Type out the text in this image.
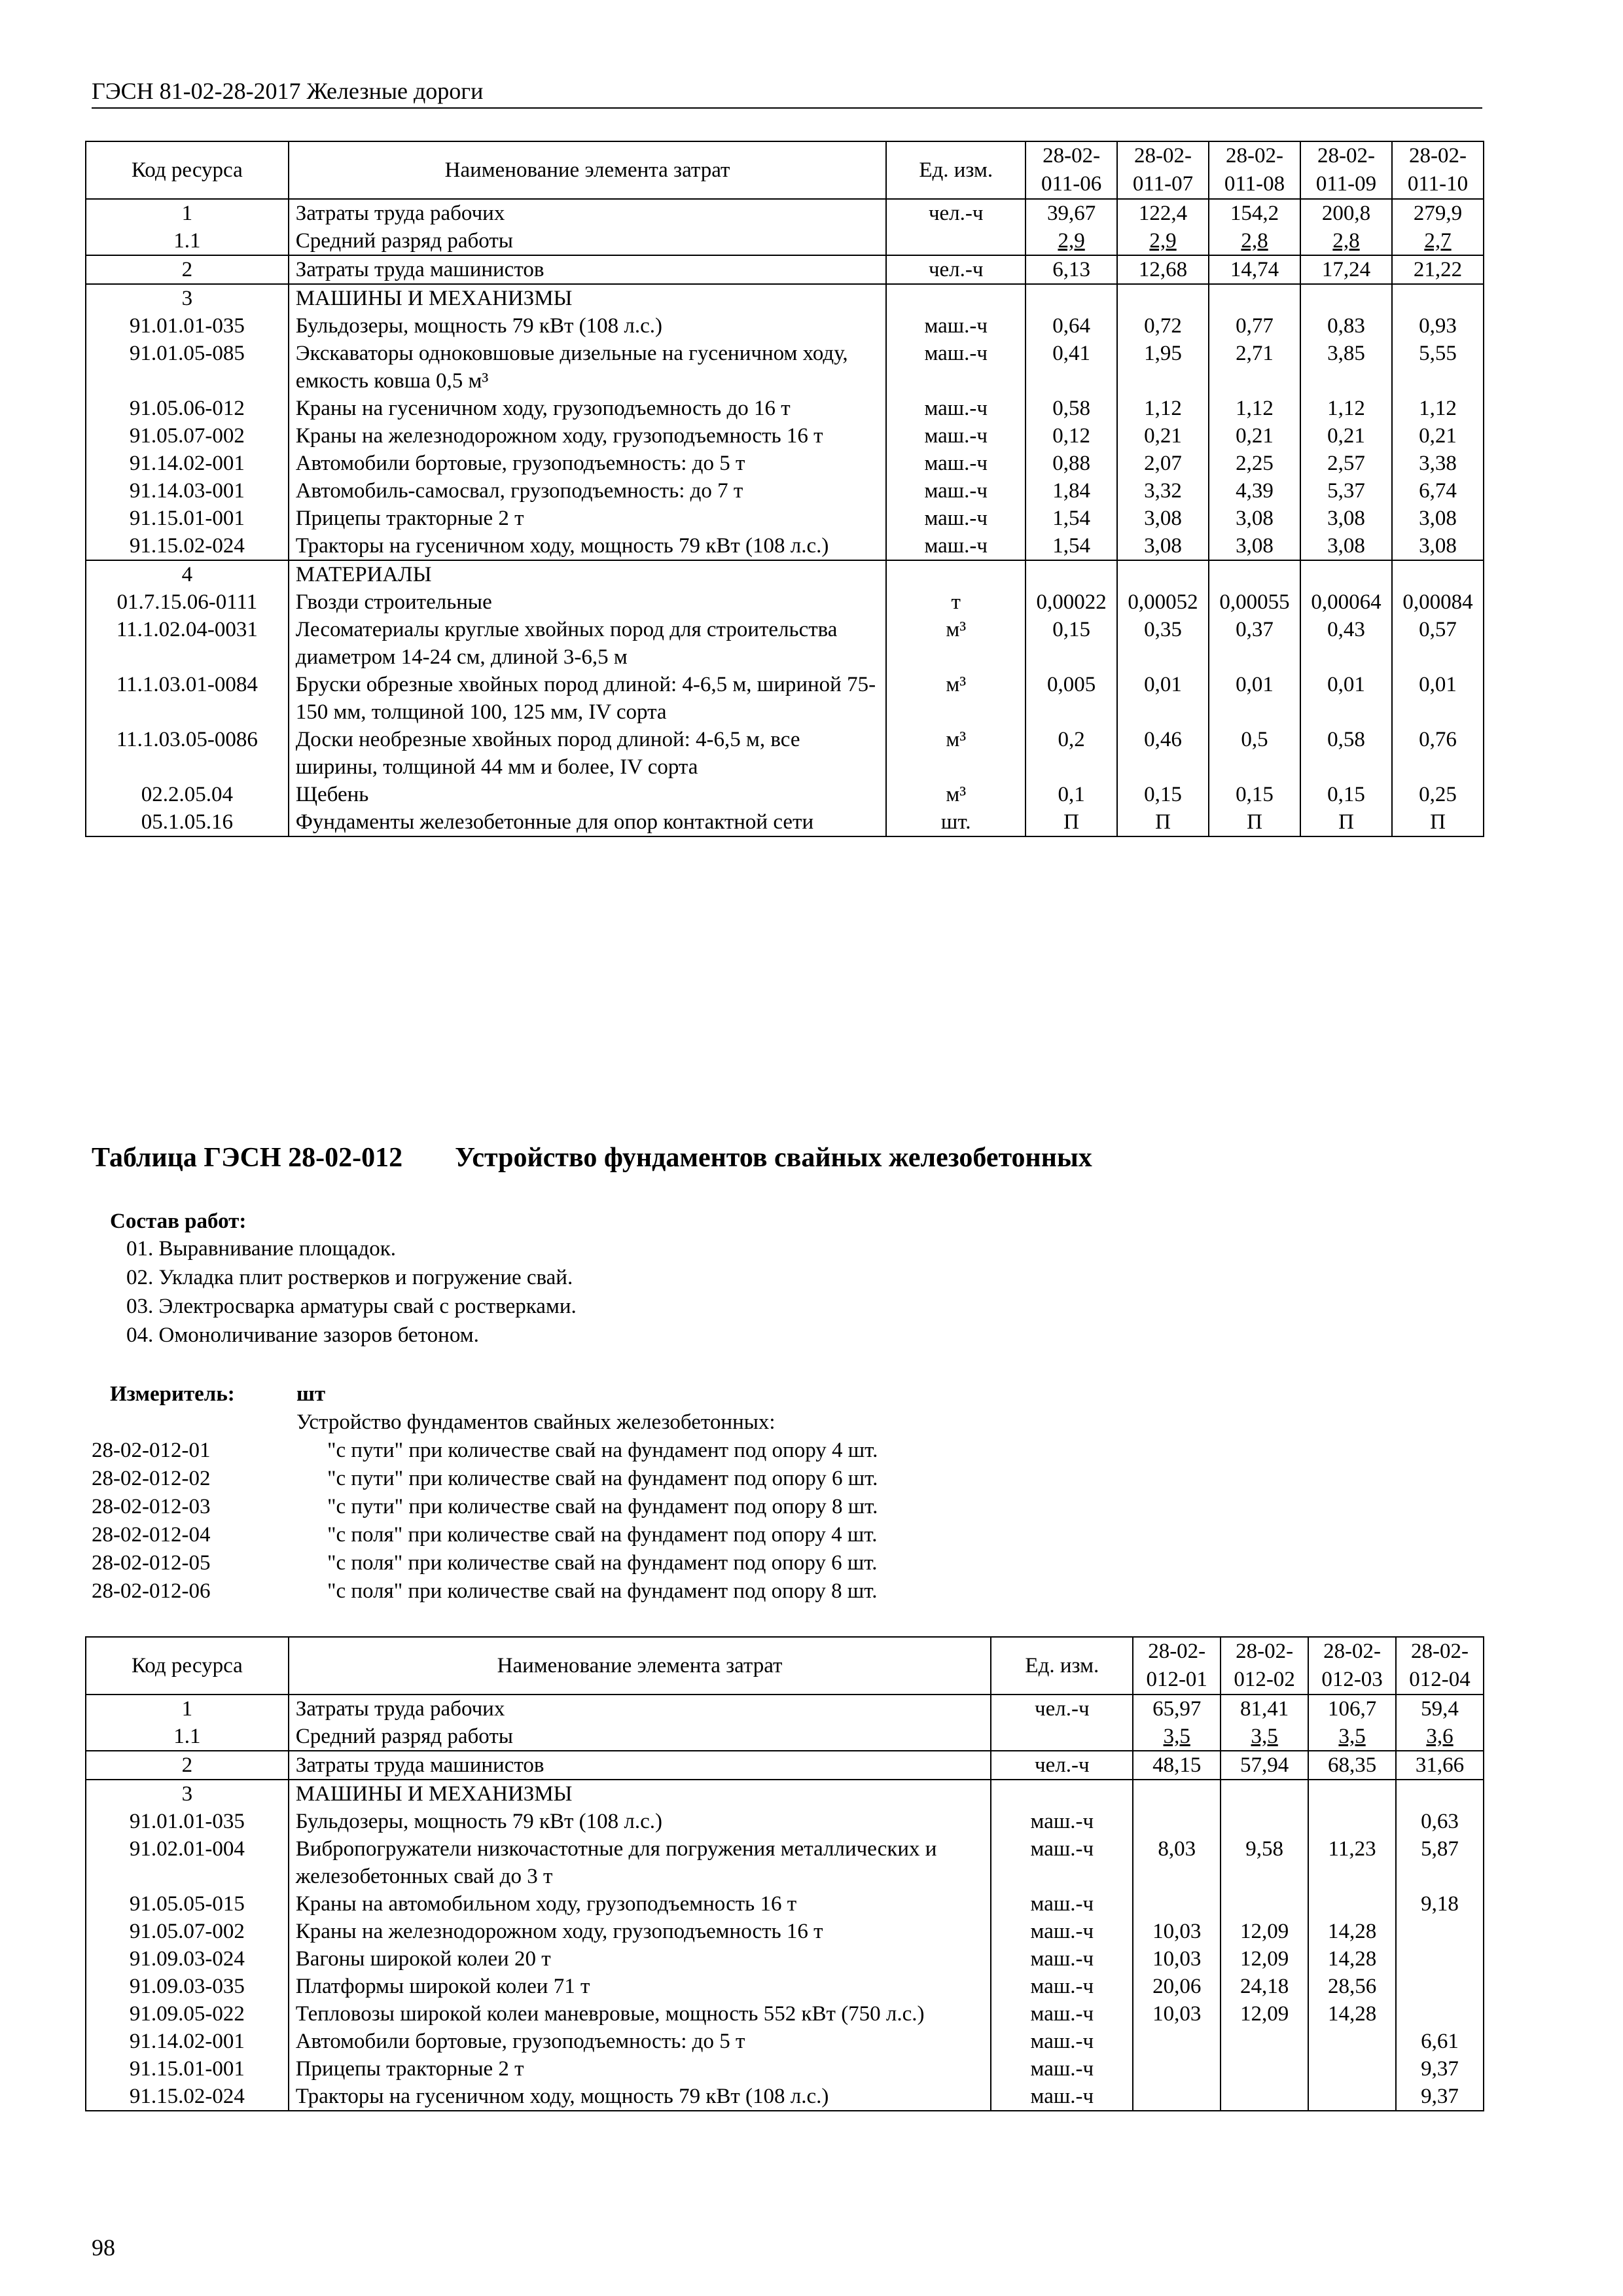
ГЭСН 81-02-28-2017 Железные дороги
Код ресурса	Наименование элемента затрат	Ед. изм.	28-02-011-06	28-02-011-07	28-02-011-08	28-02-011-09	28-02-011-10
1	Затраты труда рабочих	чел.-ч	39,67	122,4	154,2	200,8	279,9
1.1	Средний разряд работы		2,9	2,9	2,8	2,8	2,7
2	Затраты труда машинистов	чел.-ч	6,13	12,68	14,74	17,24	21,22
3	МАШИНЫ И МЕХАНИЗМЫ						
91.01.01-035	Бульдозеры, мощность 79 кВт (108 л.с.)	маш.-ч	0,64	0,72	0,77	0,83	0,93
91.01.05-085	Экскаваторы одноковшовые дизельные на гусеничном ходу, емкость ковша 0,5 м³	маш.-ч	0,41	1,95	2,71	3,85	5,55
91.05.06-012	Краны на гусеничном ходу, грузоподъемность до 16 т	маш.-ч	0,58	1,12	1,12	1,12	1,12
91.05.07-002	Краны на железнодорожном ходу, грузоподъемность 16 т	маш.-ч	0,12	0,21	0,21	0,21	0,21
91.14.02-001	Автомобили бортовые, грузоподъемность: до 5 т	маш.-ч	0,88	2,07	2,25	2,57	3,38
91.14.03-001	Автомобиль-самосвал, грузоподъемность: до 7 т	маш.-ч	1,84	3,32	4,39	5,37	6,74
91.15.01-001	Прицепы тракторные 2 т	маш.-ч	1,54	3,08	3,08	3,08	3,08
91.15.02-024	Тракторы на гусеничном ходу, мощность 79 кВт (108 л.с.)	маш.-ч	1,54	3,08	3,08	3,08	3,08
4	МАТЕРИАЛЫ						
01.7.15.06-0111	Гвозди строительные	т	0,00022	0,00052	0,00055	0,00064	0,00084
11.1.02.04-0031	Лесоматериалы круглые хвойных пород для строительства диаметром 14-24 см, длиной 3-6,5 м	м³	0,15	0,35	0,37	0,43	0,57
11.1.03.01-0084	Бруски обрезные хвойных пород длиной: 4-6,5 м, шириной 75-150 мм, толщиной 100, 125 мм, IV сорта	м³	0,005	0,01	0,01	0,01	0,01
11.1.03.05-0086	Доски необрезные хвойных пород длиной: 4-6,5 м, все ширины, толщиной 44 мм и более, IV сорта	м³	0,2	0,46	0,5	0,58	0,76
02.2.05.04	Щебень	м³	0,1	0,15	0,15	0,15	0,25
05.1.05.16	Фундаменты железобетонные для опор контактной сети	шт.	П	П	П	П	П
Таблица ГЭСН 28-02-012 Устройство фундаментов свайных железобетонных
Состав работ:
01. Выравнивание площадок.
02. Укладка плит ростверков и погружение свай.
03. Электросварка арматуры свай с ростверками.
04. Омоноличивание зазоров бетоном.
Измеритель:	шт
Устройство фундаментов свайных железобетонных:
28-02-012-01	"с пути" при количестве свай на фундамент под опору 4 шт.
28-02-012-02	"с пути" при количестве свай на фундамент под опору 6 шт.
28-02-012-03	"с пути" при количестве свай на фундамент под опору 8 шт.
28-02-012-04	"с поля" при количестве свай на фундамент под опору 4 шт.
28-02-012-05	"с поля" при количестве свай на фундамент под опору 6 шт.
28-02-012-06	"с поля" при количестве свай на фундамент под опору 8 шт.
Код ресурса	Наименование элемента затрат	Ед. изм.	28-02-012-01	28-02-012-02	28-02-012-03	28-02-012-04
1	Затраты труда рабочих	чел.-ч	65,97	81,41	106,7	59,4
1.1	Средний разряд работы		3,5	3,5	3,5	3,6
2	Затраты труда машинистов	чел.-ч	48,15	57,94	68,35	31,66
3	МАШИНЫ И МЕХАНИЗМЫ					
91.01.01-035	Бульдозеры, мощность 79 кВт (108 л.с.)	маш.-ч				0,63
91.02.01-004	Вибропогружатели низкочастотные для погружения металлических и железобетонных свай до 3 т	маш.-ч	8,03	9,58	11,23	5,87
91.05.05-015	Краны на автомобильном ходу, грузоподъемность 16 т	маш.-ч				9,18
91.05.07-002	Краны на железнодорожном ходу, грузоподъемность 16 т	маш.-ч	10,03	12,09	14,28	
91.09.03-024	Вагоны широкой колеи 20 т	маш.-ч	10,03	12,09	14,28	
91.09.03-035	Платформы широкой колеи 71 т	маш.-ч	20,06	24,18	28,56	
91.09.05-022	Тепловозы широкой колеи маневровые, мощность 552 кВт (750 л.с.)	маш.-ч	10,03	12,09	14,28	
91.14.02-001	Автомобили бортовые, грузоподъемность: до 5 т	маш.-ч				6,61
91.15.01-001	Прицепы тракторные 2 т	маш.-ч				9,37
91.15.02-024	Тракторы на гусеничном ходу, мощность 79 кВт (108 л.с.)	маш.-ч				9,37
98
